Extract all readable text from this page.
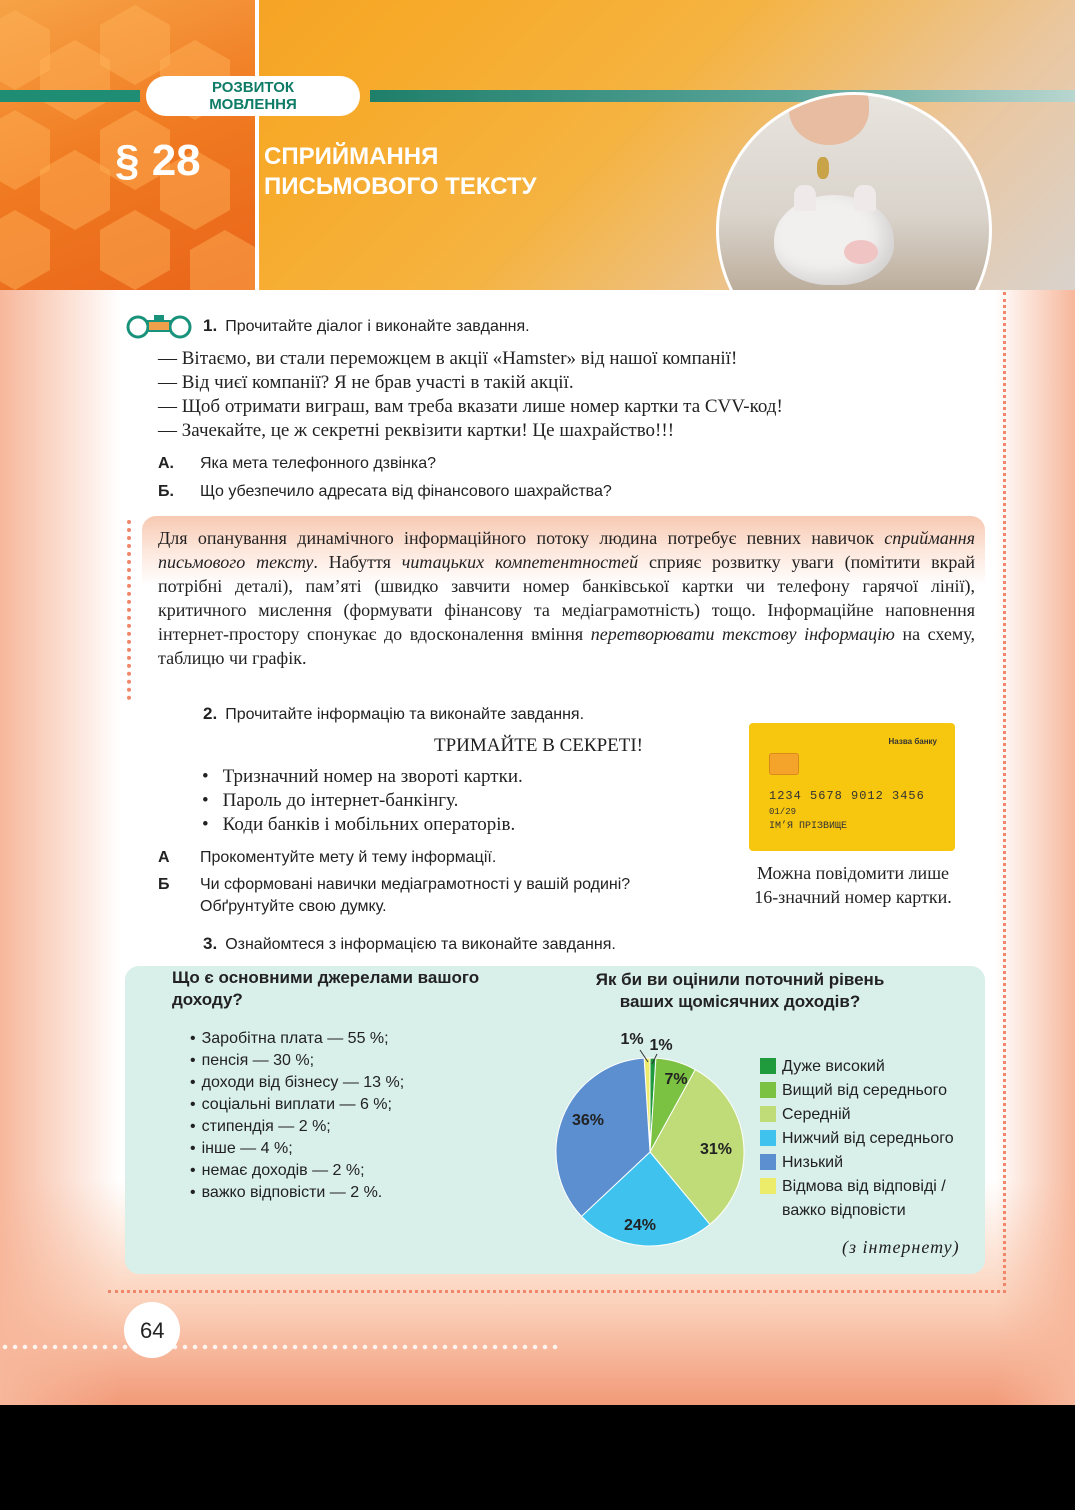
РОЗВИТОК
МОВЛЕННЯ
§ 28	СПРИЙМАННЯ
ПИСЬМОВОГО ТЕКСТУ
1. Прочитайте діалог і виконайте завдання.
— Вітаємо, ви стали переможцем в акції «Hamster» від нашої компанії!
— Від чиєї компанії? Я не брав участі в такій акції.
— Щоб отримати виграш, вам треба вказати лише номер картки та CVV-код!
— Зачекайте, це ж секретні реквізити картки! Це шахрайство!!!
А. Яка мета телефонного дзвінка?
Б. Що убезпечило адресата від фінансового шахрайства?
Для опанування динамічного інформаційного потоку людина потребує певних навичок сприймання письмового тексту. Набуття читацьких компетентностей сприяє розвитку уваги (помітити вкрай потрібні деталі), пам’яті (швидко завчити номер банківської картки чи телефону гарячої лінії), критичного мислення (формувати фінансову та медіаграмотність) тощо. Інформаційне наповнення інтернет-простору спонукає до вдосконалення вміння перетворювати текстову інформацію на схему, таблицю чи графік.
2. Прочитайте інформацію та виконайте завдання.
ТРИМАЙТЕ В СЕКРЕТІ!
• Тризначний номер на звороті картки.
• Пароль до інтернет-банкінгу.
• Коди банків і мобільних операторів.
Назва банку
1234 5678 9012 3456
01/29
ІМ’Я ПРІЗВИЩЕ
Можна повідомити лише
16-значний номер картки.
А Прокоментуйте мету й тему інформації.
Б Чи сформовані навички медіаграмотності у вашій родині? Обґрунтуйте свою думку.
3. Ознайомтеся з інформацією та виконайте завдання.
Що є основними джерелами вашого доходу?
• Заробітна плата — 55 %;
• пенсія — 30 %;
• доходи від бізнесу — 13 %;
• соціальні виплати — 6 %;
• стипендія — 2 %;
• інше — 4 %;
• немає доходів — 2 %;
• важко відповісти — 2 %.
Як би ви оцінили поточний рівень ваших щомісячних доходів?
1%
7%
31%
24%
36%
1%
Дуже високий
Вищий від середнього
Середній
Нижчий від середнього
Низький
Відмова від відповіді / важко відповісти
(з інтернету)
64
